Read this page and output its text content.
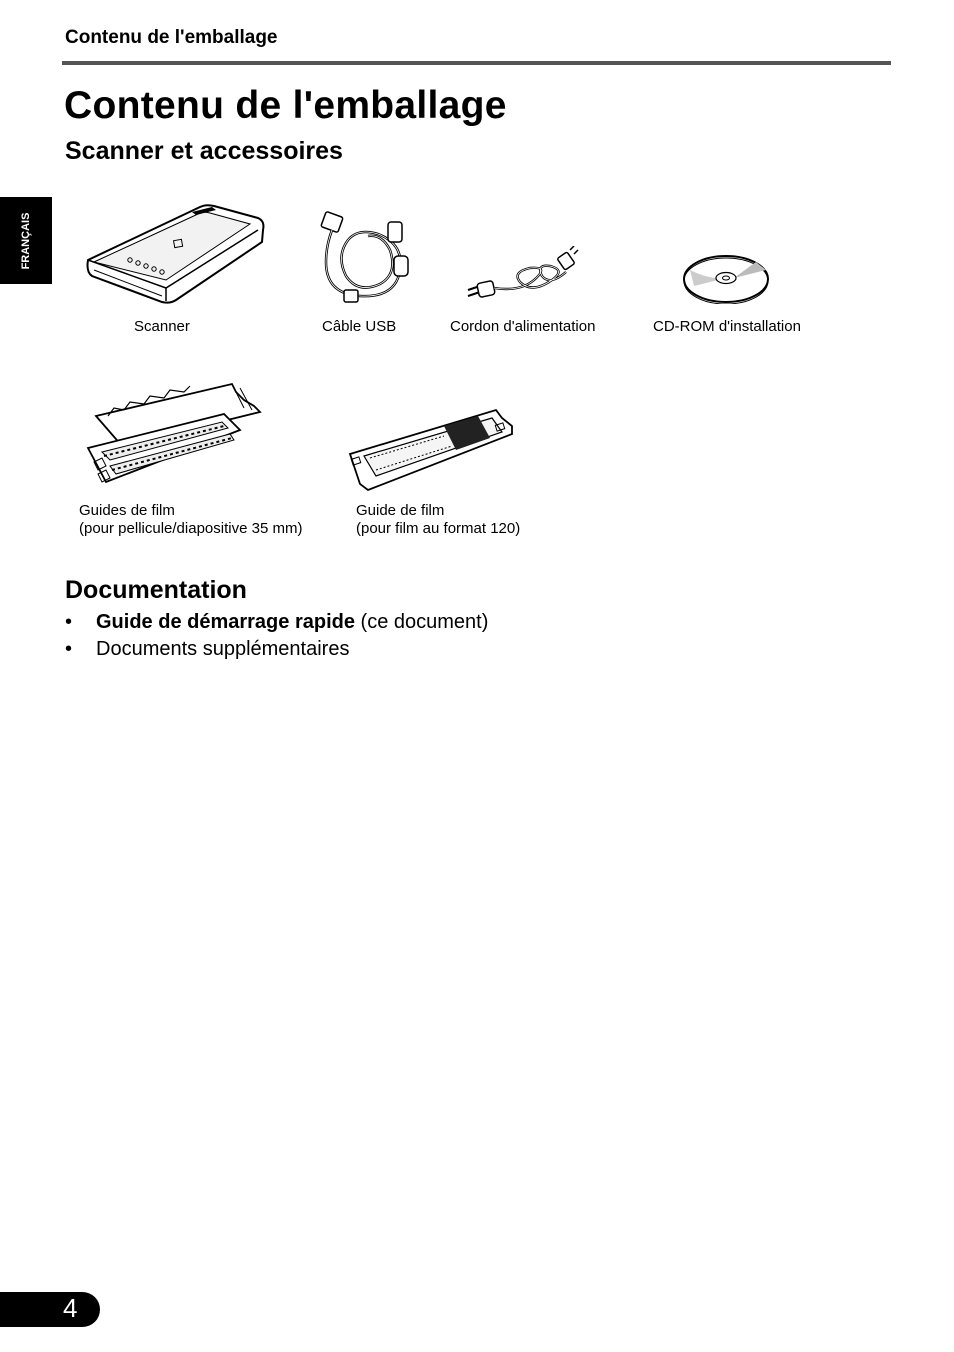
Contenu de l'emballage
FRANÇAIS
Contenu de l'emballage
Scanner et accessoires
Scanner	Câble USB	Cordon d'alimentation	CD-ROM d'installation
Guides de film
(pour pellicule/diapositive 35 mm)
Guide de film
(pour film au format 120)
Documentation
• Guide de démarrage rapide (ce document)
• Documents supplémentaires
4
